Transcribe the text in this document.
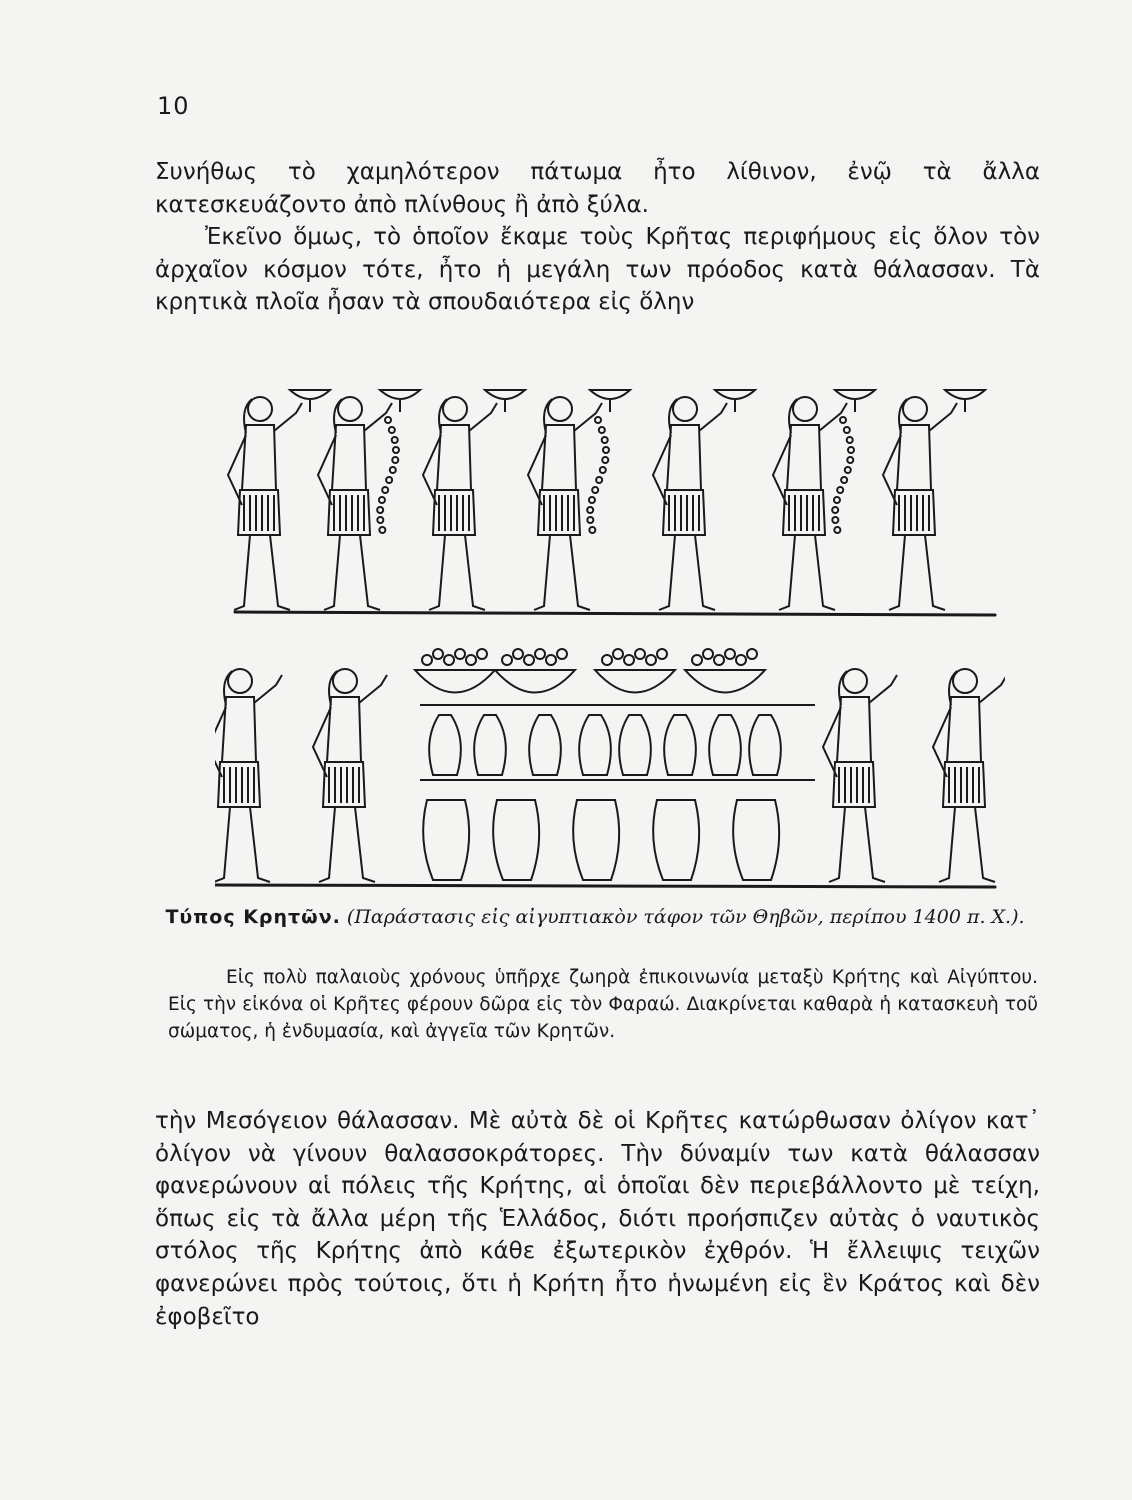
10

Συνήθως τὸ χαμηλότερον πάτωμα ἦτο λίθινον, ἐνῷ τὰ ἄλλα κατεσκευάζοντο ἀπὸ πλίνθους ἢ ἀπὸ ξύλα.
Ἐκεῖνο ὅμως, τὸ ὁποῖον ἔκαμε τοὺς Κρῆτας περιφήμους εἰς ὅλον τὸν ἀρχαῖον κόσμον τότε, ἦτο ἡ μεγάλη των πρόοδος κατὰ θάλασσαν. Τὰ κρητικὰ πλοῖα ἦσαν τὰ σπουδαιότερα εἰς ὅλην

Τύπος Κρητῶν. (Παράστασις εἰς αἰγυπτιακὸν τάφον τῶν Θηβῶν, περίπου 1400 π. Χ.).

Εἰς πολὺ παλαιοὺς χρόνους ὑπῆρχε ζωηρὰ ἐπικοινωνία μεταξὺ Κρήτης καὶ Αἰγύπτου. Εἰς τὴν εἰκόνα οἱ Κρῆτες φέρουν δῶρα εἰς τὸν Φαραώ. Διακρίνεται καθαρὰ ἡ κατασκευὴ τοῦ σώματος, ἡ ἐνδυμασία, καὶ ἀγγεῖα τῶν Κρητῶν.

τὴν Μεσόγειον θάλασσαν. Μὲ αὐτὰ δὲ οἱ Κρῆτες κατώρθωσαν ὀλίγον κατ᾽ ὀλίγον νὰ γίνουν θαλασσοκράτορες. Τὴν δύναμίν των κατὰ θάλασσαν φανερώνουν αἱ πόλεις τῆς Κρήτης, αἱ ὁποῖαι δὲν περιεβάλλοντο μὲ τείχη, ὅπως εἰς τὰ ἄλλα μέρη τῆς Ἑλλάδος, διότι προήσπιζεν αὐτὰς ὁ ναυτικὸς στόλος τῆς Κρήτης ἀπὸ κάθε ἐξωτερικὸν ἐχθρόν. Ἡ ἔλλειψις τειχῶν φανερώνει πρὸς τούτοις, ὅτι ἡ Κρήτη ἦτο ἡνωμένη εἰς ἓν Κράτος καὶ δὲν ἐφοβεῖτο
